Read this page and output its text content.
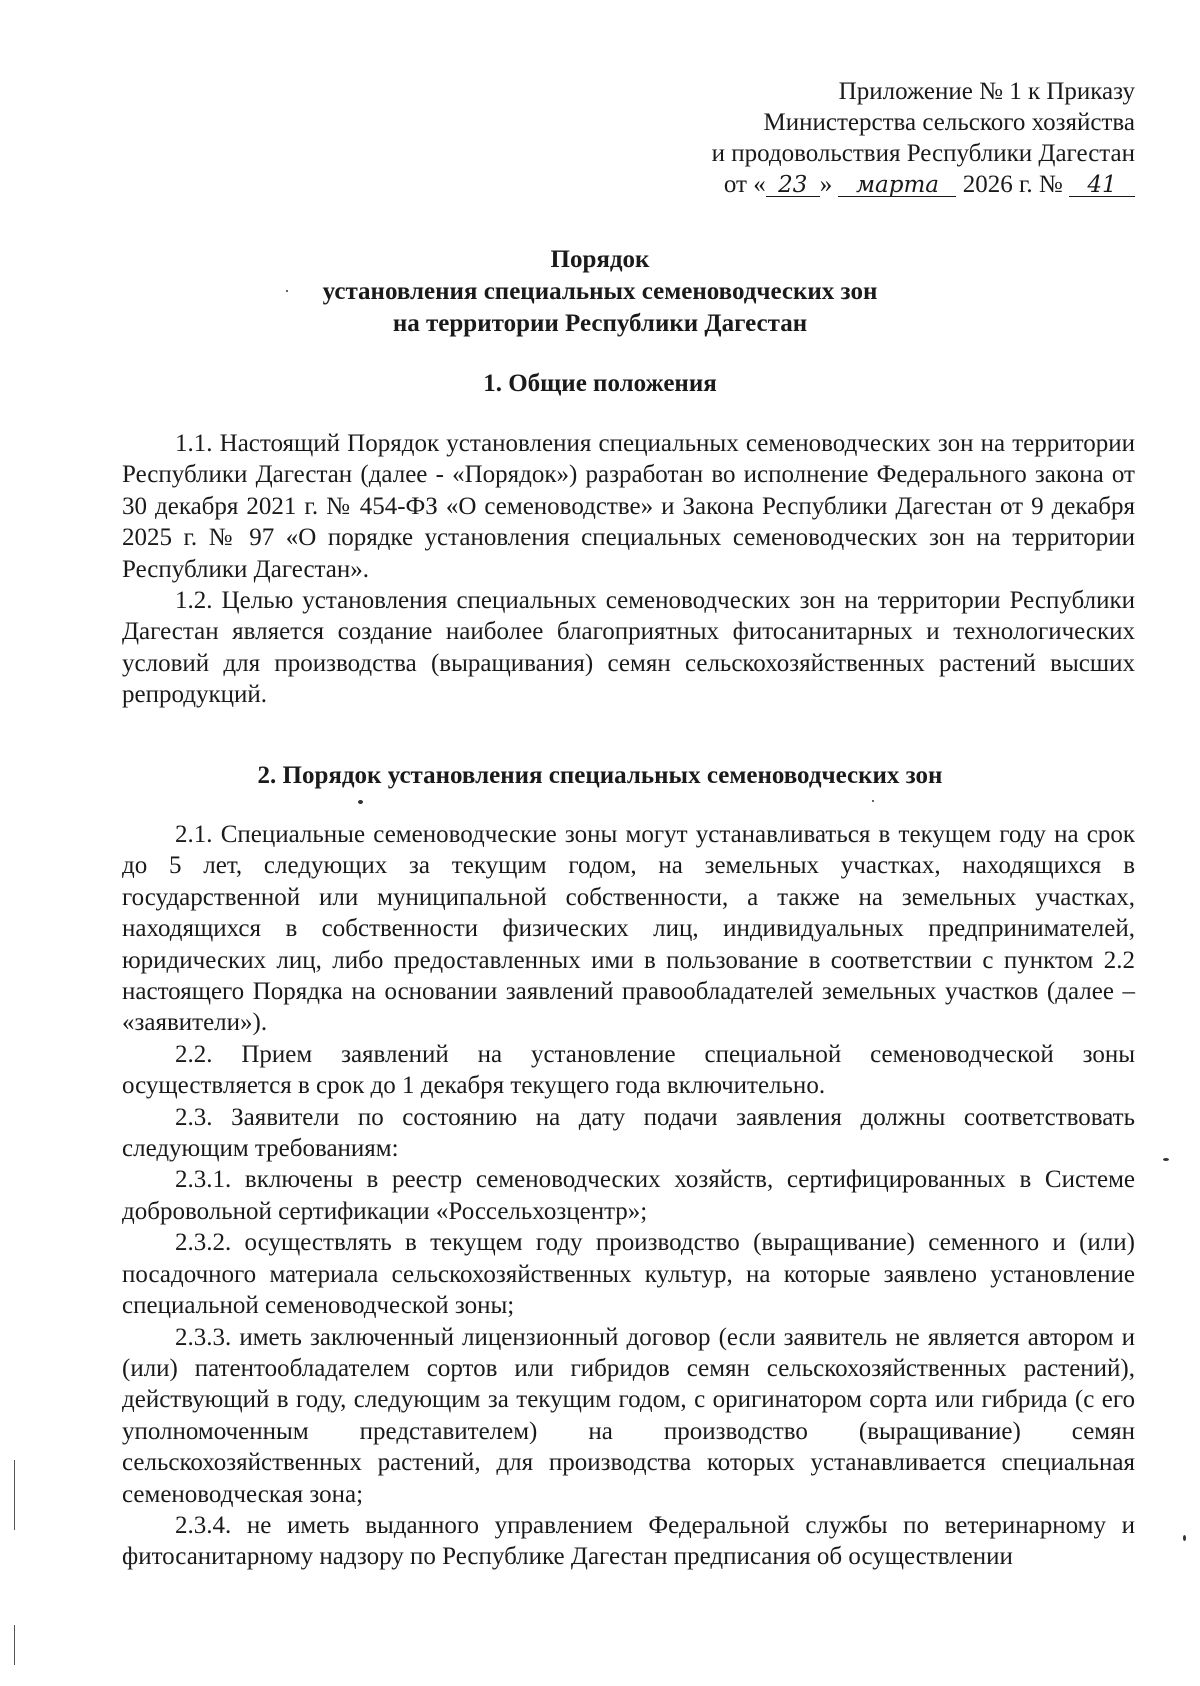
Приложение № 1 к Приказу
Министерства сельского хозяйства
и продовольствия Республики Дагестан
от « 23 » марта 2026 г. № 41
Порядок
установления специальных семеноводческих зон
на территории Республики Дагестан
1. Общие положения

1.1. Настоящий Порядок установления специальных семеноводческих зон на территории Республики Дагестан (далее - «Порядок») разработан во исполнение Федерального закона от 30 декабря 2021 г. № 454-ФЗ «О семеноводстве» и Закона Республики Дагестан от 9 декабря 2025 г. № 97 «О порядке установления специальных семеноводческих зон на территории Республики Дагестан».

1.2. Целью установления специальных семеноводческих зон на территории Республики Дагестан является создание наиболее благоприятных фитосанитарных и технологических условий для производства (выращивания) семян сельскохозяйственных растений высших репродукций.

2. Порядок установления специальных семеноводческих зон

2.1. Специальные семеноводческие зоны могут устанавливаться в текущем году на срок до 5 лет, следующих за текущим годом, на земельных участках, находящихся в государственной или муниципальной собственности, а также на земельных участках, находящихся в собственности физических лиц, индивидуальных предпринимателей, юридических лиц, либо предоставленных ими в пользование в соответствии с пунктом 2.2 настоящего Порядка на основании заявлений правообладателей земельных участков (далее – «заявители»).

2.2. Прием заявлений на установление специальной семеноводческой зоны осуществляется в срок до 1 декабря текущего года включительно.

2.3. Заявители по состоянию на дату подачи заявления должны соответствовать следующим требованиям:

2.3.1. включены в реестр семеноводческих хозяйств, сертифицированных в Системе добровольной сертификации «Россельхозцентр»;

2.3.2. осуществлять в текущем году производство (выращивание) семенного и (или) посадочного материала сельскохозяйственных культур, на которые заявлено установление специальной семеноводческой зоны;

2.3.3. иметь заключенный лицензионный договор (если заявитель не является автором и (или) патентообладателем сортов или гибридов семян сельскохозяйственных растений), действующий в году, следующим за текущим годом, с оригинатором сорта или гибрида (с его уполномоченным представителем) на производство (выращивание) семян сельскохозяйственных растений, для производства которых устанавливается специальная семеноводческая зона;

2.3.4. не иметь выданного управлением Федеральной службы по ветеринарному и фитосанитарному надзору по Республике Дагестан предписания об осуществлении
